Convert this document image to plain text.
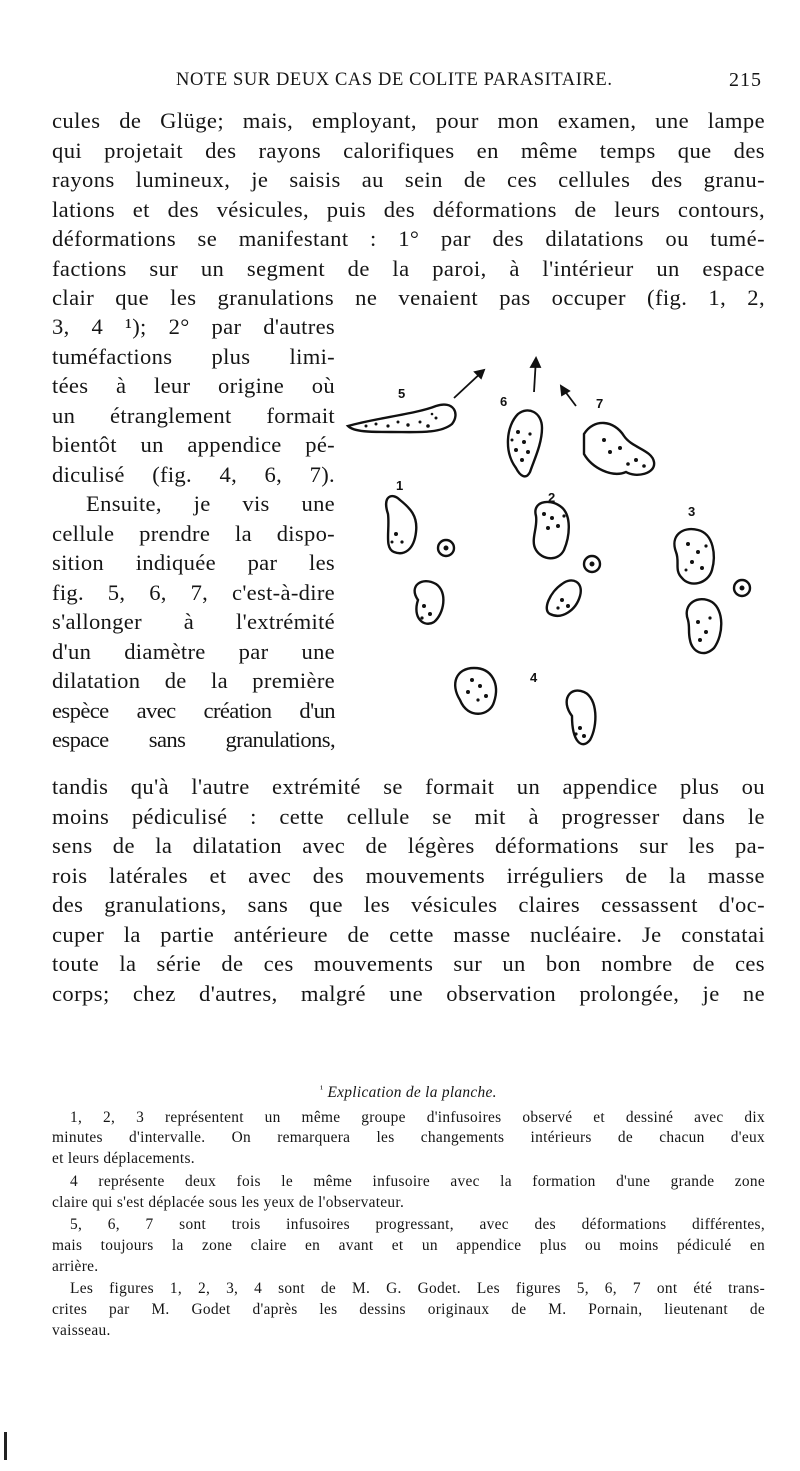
NOTE SUR DEUX CAS DE COLITE PARASITAIRE.	215
cules de Glüge; mais, employant, pour mon examen, une lampe
qui projetait des rayons calorifiques en même temps que des
rayons lumineux, je saisis au sein de ces cellules des granu-
lations et des vésicules, puis des déformations de leurs contours,
déformations se manifestant : 1° par des dilatations ou tumé-
factions sur un segment de la paroi, à l'intérieur un espace
clair que les granulations ne venaient pas occuper (fig. 1, 2,
3, 4 ¹); 2° par d'autres
tuméfactions plus limi-
tées à leur origine où
un étranglement formait
bientôt un appendice pé-
diculisé (fig. 4, 6, 7).
Ensuite, je vis une
cellule prendre la dispo-
sition indiquée par les
fig. 5, 6, 7, c'est-à-dire
s'allonger à l'extrémité
d'un diamètre par une
dilatation de la première
espèce avec création d'un
espace sans granulations,
5
6	7
1
2
3
4
tandis qu'à l'autre extrémité se formait un appendice plus ou
moins pédiculisé : cette cellule se mit à progresser dans le
sens de la dilatation avec de légères déformations sur les pa-
rois latérales et avec des mouvements irréguliers de la masse
des granulations, sans que les vésicules claires cessassent d'oc-
cuper la partie antérieure de cette masse nucléaire. Je constatai
toute la série de ces mouvements sur un bon nombre de ces
corps; chez d'autres, malgré une observation prolongée, je ne
$^{^1}$ Explication de la planche.

1, 2, 3 représentent un même groupe d'infusoires observé et dessiné avec dix
minutes d'intervalle. On remarquera les changements intérieurs de chacun d'eux
et leurs déplacements.

4 représente deux fois le même infusoire avec la formation d'une grande zone
claire qui s'est déplacée sous les yeux de l'observateur.

5, 6, 7 sont trois infusoires progressant, avec des déformations différentes,
mais toujours la zone claire en avant et un appendice plus ou moins pédiculé en
arrière.

Les figures 1, 2, 3, 4 sont de M. G. Godet. Les figures 5, 6, 7 ont été trans-
crites par M. Godet d'après les dessins originaux de M. Pornain, lieutenant de
vaisseau.
